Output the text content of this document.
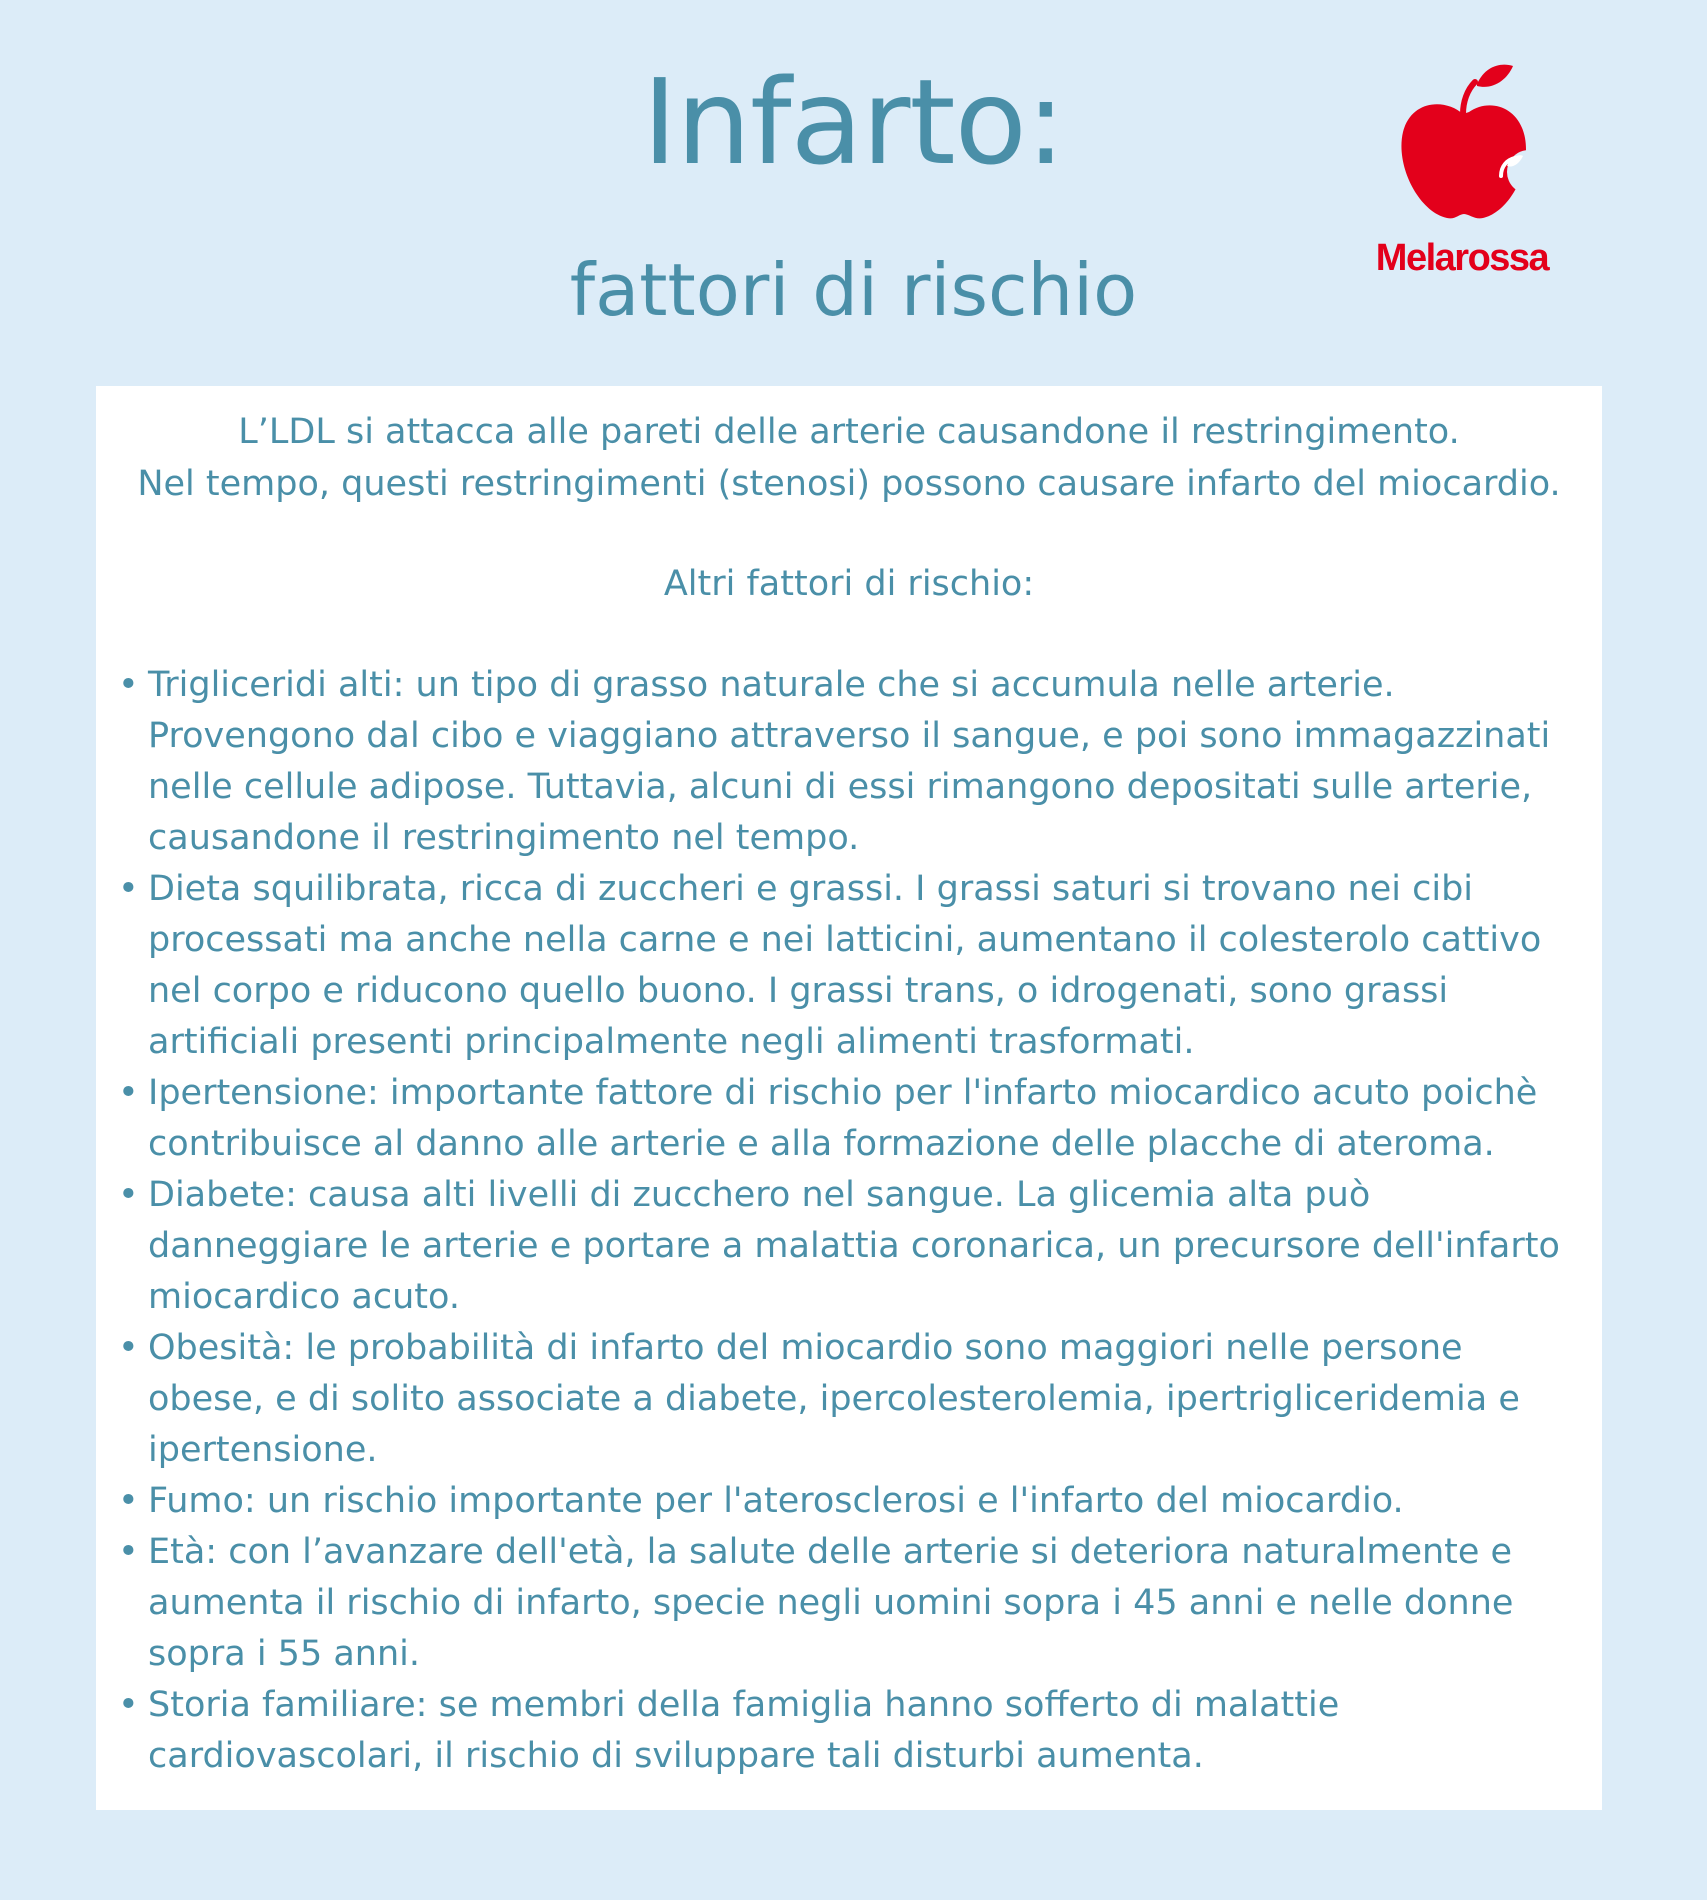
Infarto:
fattori di rischio	Melarossa

L’LDL si attacca alle pareti delle arterie causandone il restringimento.

Nel tempo, questi restringimenti (stenosi) possono causare infarto del miocardio.

Altri fattori di rischio:

• Trigliceridi alti: un tipo di grasso naturale che si accumula nelle arterie. Provengono dal cibo e viaggiano attraverso il sangue, e poi sono immagazzinati nelle cellule adipose. Tuttavia, alcuni di essi rimangono depositati sulle arterie, causandone il restringimento nel tempo.
• Dieta squilibrata, ricca di zuccheri e grassi. I grassi saturi si trovano nei cibi processati ma anche nella carne e nei latticini, aumentano il colesterolo cattivo nel corpo e riducono quello buono. I grassi trans, o idrogenati, sono grassi artificiali presenti principalmente negli alimenti trasformati.
• Ipertensione: importante fattore di rischio per l'infarto miocardico acuto poichè contribuisce al danno alle arterie e alla formazione delle placche di ateroma.
• Diabete: causa alti livelli di zucchero nel sangue. La glicemia alta può danneggiare le arterie e portare a malattia coronarica, un precursore dell'infarto miocardico acuto.
• Obesità: le probabilità di infarto del miocardio sono maggiori nelle persone obese, e di solito associate a diabete, ipercolesterolemia, ipertrigliceridemia e ipertensione.
• Fumo: un rischio importante per l'aterosclerosi e l'infarto del miocardio.
• Età: con l’avanzare dell'età, la salute delle arterie si deteriora naturalmente e aumenta il rischio di infarto, specie negli uomini sopra i 45 anni e nelle donne sopra i 55 anni.
• Storia familiare: se membri della famiglia hanno sofferto di malattie cardiovascolari, il rischio di sviluppare tali disturbi aumenta.
